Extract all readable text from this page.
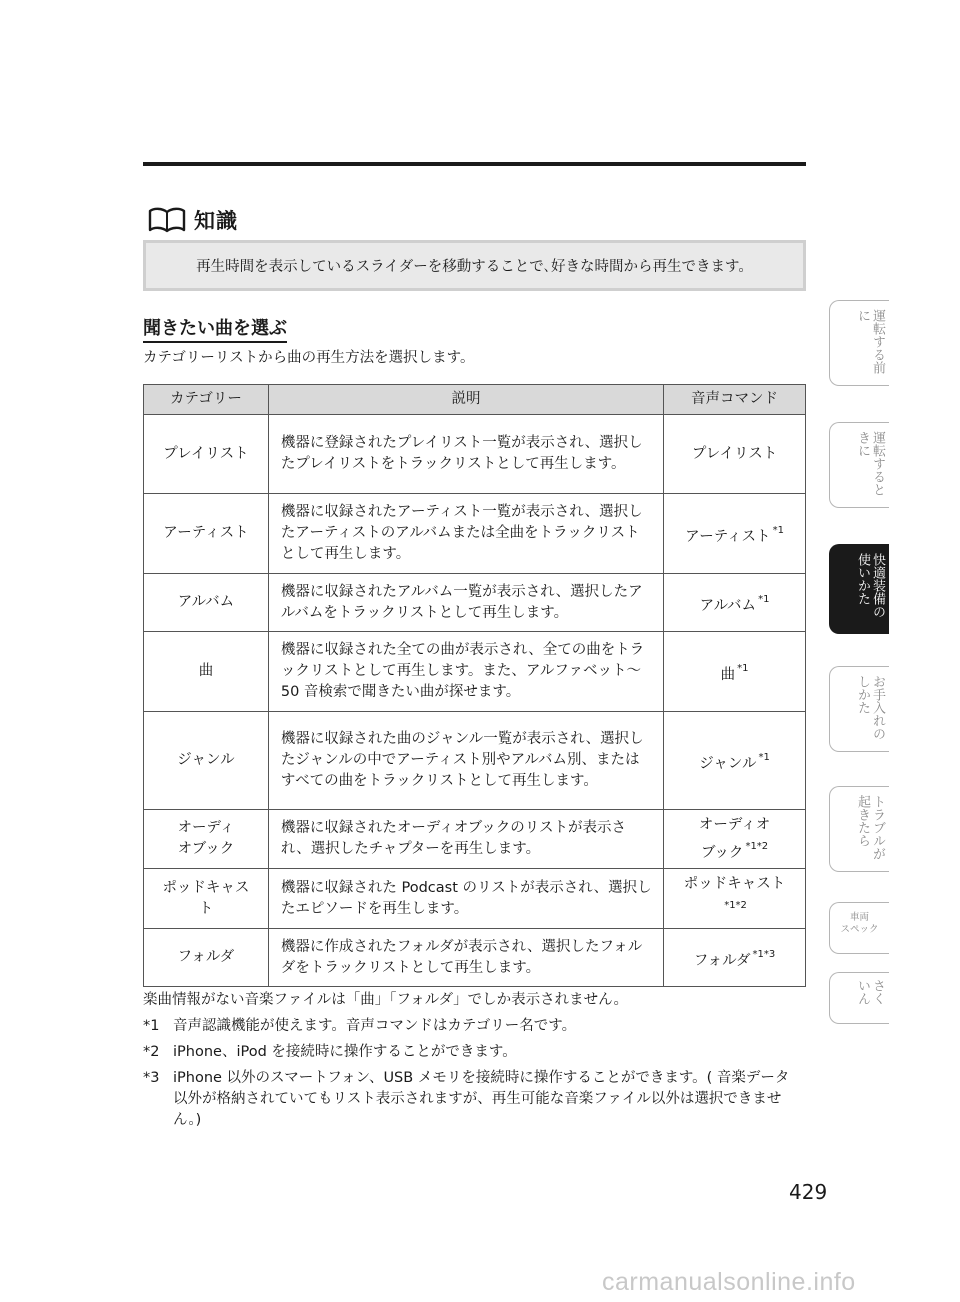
知識
再生時間を表示しているスライダーを移動することで､好きな時間から再生できます。
聞きたい曲を選ぶ
カテゴリーリストから曲の再生方法を選択します。
カテゴリー	説明	音声コマンド
プレイリスト	機器に登録されたプレイリスト一覧が表示され、選択したプレイリストをトラックリストとして再生します。	プレイリスト
アーティスト	機器に収録されたアーティスト一覧が表示され、選択したアーティストのアルバムまたは全曲をトラックリストとして再生します。	アーティスト $^{*1}$
アルバム	機器に収録されたアルバム一覧が表示され、選択したアルバムをトラックリストとして再生します。	アルバム $^{*1}$
曲	機器に収録された全ての曲が表示され、全ての曲をトラックリストとして再生します。また、アルファベット～ 50 音検索で聞きたい曲が探せます。	曲 $^{*1}$
ジャンル	機器に収録された曲のジャンル一覧が表示され、選択したジャンルの中でアーティスト別やアルバム別、またはすべての曲をトラックリストとして再生します。	ジャンル $^{*1}$
オーディオブック	機器に収録されたオーディオブックのリストが表示され、選択したチャプターを再生します。	オーディオブック $^{*1*2}$
ポッドキャスト	機器に収録された Podcast のリストが表示され、選択したエピソードを再生します。	ポッドキャスト$^{*1*2}$
フォルダ	機器に作成されたフォルダが表示され、選択したフォルダをトラックリストとして再生します。	フォルダ $^{*1*3}$
楽曲情報がない音楽ファイルは「曲」「フォルダ」でしか表示されません。
*1 音声認識機能が使えます。音声コマンドはカテゴリー名です。
*2 iPhone、iPod を接続時に操作することができます。
*3 iPhone 以外のスマートフォン、USB メモリを接続時に操作することができます。( 音楽データ以外が格納されていてもリスト表示されますが、再生可能な音楽ファイル以外は選択できません。)
運転する前に
運転するときに
快適装備の使いかた
お手入れのしかた
トラブルが起きたら
車両
スペック
さくいん
429
carmanualsonline.info
